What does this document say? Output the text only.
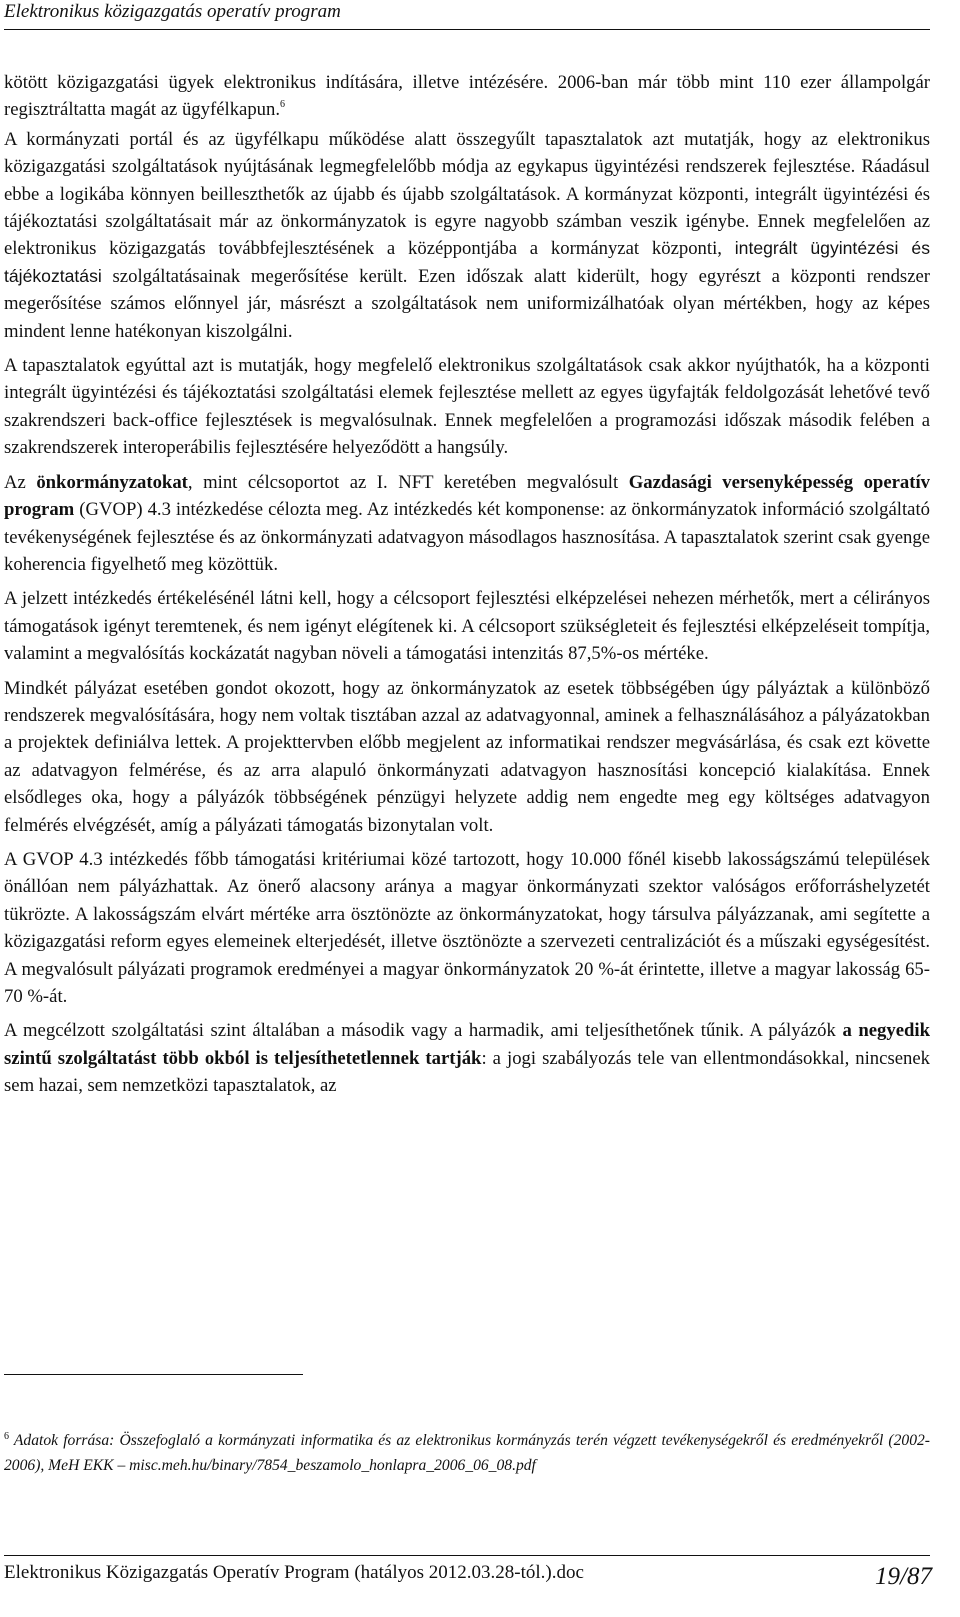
Elektronikus közigazgatás operatív program

kötött közigazgatási ügyek elektronikus indítására, illetve intézésére. 2006-ban már több mint 110 ezer állampolgár regisztráltatta magát az ügyfélkapun.$^6$

A kormányzati portál és az ügyfélkapu működése alatt összegyűlt tapasztalatok azt mutatják, hogy az elektronikus közigazgatási szolgáltatások nyújtásának legmegfelelőbb módja az egykapus ügyintézési rendszerek fejlesztése. Ráadásul ebbe a logikába könnyen beilleszthetők az újabb és újabb szolgáltatások. A kormányzat központi, integrált ügyintézési és tájékoztatási szolgáltatásait már az önkormányzatok is egyre nagyobb számban veszik igénybe. Ennek megfelelően az elektronikus közigazgatás továbbfejlesztésének a középpontjába a kormányzat központi, integrált ügyintézési és tájékoztatási szolgáltatásainak megerősítése került. Ezen időszak alatt kiderült, hogy egyrészt a központi rendszer megerősítése számos előnnyel jár, másrészt a szolgáltatások nem uniformizálhatóak olyan mértékben, hogy az képes mindent lenne hatékonyan kiszolgálni.

A tapasztalatok egyúttal azt is mutatják, hogy megfelelő elektronikus szolgáltatások csak akkor nyújthatók, ha a központi integrált ügyintézési és tájékoztatási szolgáltatási elemek fejlesztése mellett az egyes ügyfajták feldolgozását lehetővé tevő szakrendszeri back-office fejlesztések is megvalósulnak. Ennek megfelelően a programozási időszak második felében a szakrendszerek interoperábilis fejlesztésére helyeződött a hangsúly.

Az önkormányzatokat, mint célcsoportot az I. NFT keretében megvalósult Gazdasági versenyképesség operatív program (GVOP) 4.3 intézkedése célozta meg. Az intézkedés két komponense: az önkormányzatok információ szolgáltató tevékenységének fejlesztése és az önkormányzati adatvagyon másodlagos hasznosítása. A tapasztalatok szerint csak gyenge koherencia figyelhető meg közöttük.

A jelzett intézkedés értékelésénél látni kell, hogy a célcsoport fejlesztési elképzelései nehezen mérhetők, mert a célirányos támogatások igényt teremtenek, és nem igényt elégítenek ki. A célcsoport szükségleteit és fejlesztési elképzeléseit tompítja, valamint a megvalósítás kockázatát nagyban növeli a támogatási intenzitás 87,5%-os mértéke.

Mindkét pályázat esetében gondot okozott, hogy az önkormányzatok az esetek többségében úgy pályáztak a különböző rendszerek megvalósítására, hogy nem voltak tisztában azzal az adatvagyonnal, aminek a felhasználásához a pályázatokban a projektek definiálva lettek. A projekttervben előbb megjelent az informatikai rendszer megvásárlása, és csak ezt követte az adatvagyon felmérése, és az arra alapuló önkormányzati adatvagyon hasznosítási koncepció kialakítása. Ennek elsődleges oka, hogy a pályázók többségének pénzügyi helyzete addig nem engedte meg egy költséges adatvagyon felmérés elvégzését, amíg a pályázati támogatás bizonytalan volt.

A GVOP 4.3 intézkedés főbb támogatási kritériumai közé tartozott, hogy 10.000 főnél kisebb lakosságszámú települések önállóan nem pályázhattak. Az önerő alacsony aránya a magyar önkormányzati szektor valóságos erőforráshelyzetét tükrözte. A lakosságszám elvárt mértéke arra ösztönözte az önkormányzatokat, hogy társulva pályázzanak, ami segítette a közigazgatási reform egyes elemeinek elterjedését, illetve ösztönözte a szervezeti centralizációt és a műszaki egységesítést. A megvalósult pályázati programok eredményei a magyar önkormányzatok 20 %-át érintette, illetve a magyar lakosság 65-70 %-át.

A megcélzott szolgáltatási szint általában a második vagy a harmadik, ami teljesíthetőnek tűnik. A pályázók a negyedik szintű szolgáltatást több okból is teljesíthetetlennek tartják: a jogi szabályozás tele van ellentmondásokkal, nincsenek sem hazai, sem nemzetközi tapasztalatok, az

$^6$ Adatok forrása: Összefoglaló a kormányzati informatika és az elektronikus kormányzás terén végzett tevékenységekről és eredményekről (2002-2006), MeH EKK – misc.meh.hu/binary/7854_beszamolo_honlapra_2006_06_08.pdf
Elektronikus Közigazgatás Operatív Program (hatályos 2012.03.28-tól.).doc	19/87
